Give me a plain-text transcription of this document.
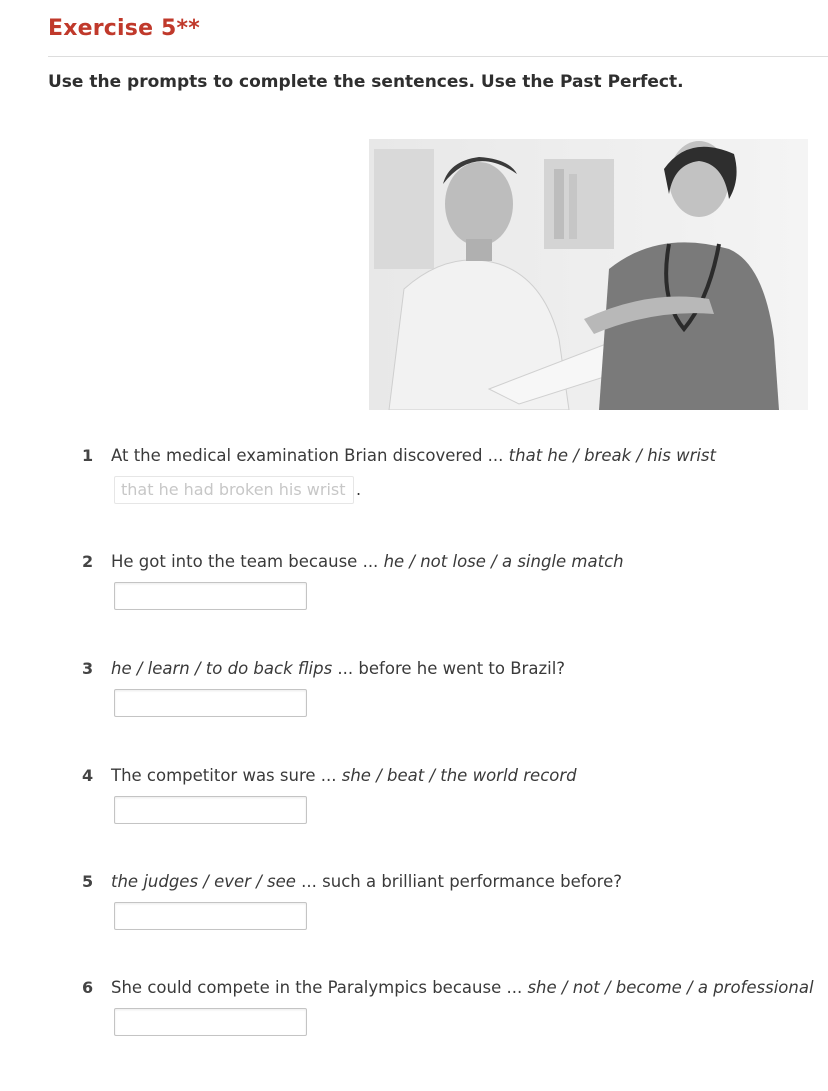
Exercise 5**
Use the prompts to complete the sentences. Use the Past Perfect.
1 At the medical examination Brian discovered ... that he / break / his wrist
that he had broken his wrist .
2 He got into the team because ... he / not lose / a single match
3 he / learn / to do back flips ... before he went to Brazil?
4 The competitor was sure ... she / beat / the world record
5 the judges / ever / see ... such a brilliant performance before?
6 She could compete in the Paralympics because ... she / not / become / a professional
